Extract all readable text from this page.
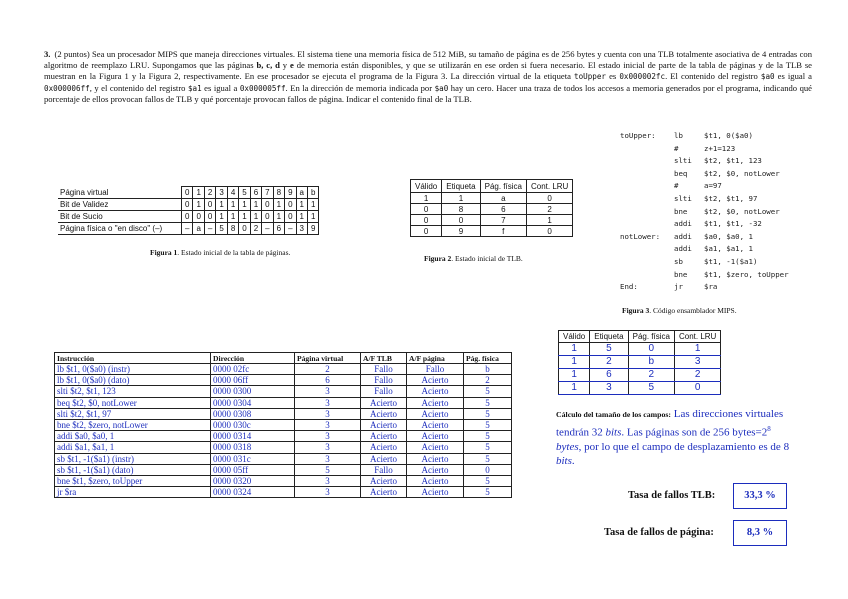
3. (2 puntos) Sea un procesador MIPS que maneja direcciones virtuales. El sistema tiene una memoria física de 512 MiB, su tamaño de página es de 256 bytes y cuenta con una TLB totalmente asociativa de 4 entradas con algoritmo de reemplazo LRU. Supongamos que las páginas b, c, d y e de memoria están disponibles, y que se utilizarán en ese orden si fuera necesario. El estado inicial de parte de la tabla de páginas y de la TLB se muestran en la Figura 1 y la Figura 2, respectivamente. En ese procesador se ejecuta el programa de la Figura 3. La dirección virtual de la etiqueta toUpper es 0x000002fc. El contenido del registro $a0 es igual a 0x000006ff, y el contenido del registro $a1 es igual a 0x000005ff. En la dirección de memoria indicada por $a0 hay un cero. Hacer una traza de todos los accesos a memoria generados por el programa, indicando qué porcentaje de ellos provocan fallos de TLB y qué porcentaje provocan fallos de página. Indicar el contenido final de la TLB.
Página virtual	0	1	2	3	4	5	6	7	8	9	a	b
Bit de Validez	0	1	0	1	1	1	1	0	1	0	1	1
Bit de Sucio	0	0	0	1	1	1	1	0	1	0	1	1
Página física o "en disco" (–)	–	a	–	5	8	0	2	–	6	–	3	9
Figura 1. Estado inicial de la tabla de páginas.
Válido	Etiqueta	Pág. física	Cont. LRU
1	1	a	0
0	8	6	2
0	0	7	1
0	9	f	0
Figura 2. Estado inicial de TLB.
toUpper: lb	$t1, 0($a0)
#	z+1=123
slti $t2, $t1, 123
beq $t2, $0, notLower
#	a=97
slti $t2, $t1, 97
bne $t2, $0, notLower
addi $t1, $t1, -32
notLower: addi $a0, $a0, 1
addi $a1, $a1, 1
sb	$t1, -1($a1)
bne $t1, $zero, toUpper
End:	jr	$ra
Figura 3. Código ensamblador MIPS.
Instrucción	Dirección	Página virtual	A/F TLB	A/F página	Pág. física
lb $t1, 0($a0) (instr)	0000 02fc	2	Fallo	Fallo	b
lb $t1, 0($a0) (dato)	0000 06ff	6	Fallo	Acierto	2
slti $t2, $t1, 123	0000 0300	3	Fallo	Acierto	5
beq $t2, $0, notLower	0000 0304	3	Acierto	Acierto	5
slti $t2, $t1, 97	0000 0308	3	Acierto	Acierto	5
bne $t2, $zero, notLower	0000 030c	3	Acierto	Acierto	5
addi $a0, $a0, 1	0000 0314	3	Acierto	Acierto	5
addi $a1, $a1, 1	0000 0318	3	Acierto	Acierto	5
sb $t1, -1($a1) (instr)	0000 031c	3	Acierto	Acierto	5
sb $t1, -1($a1) (dato)	0000 05ff	5	Fallo	Acierto	0
bne $t1, $zero, toUpper	0000 0320	3	Acierto	Acierto	5
jr $ra	0000 0324	3	Acierto	Acierto	5
Válido	Etiqueta	Pág. física	Cont. LRU
1	5	0	1
1	2	b	3
1	6	2	2
1	3	5	0
Cálculo del tamaño de los campos: Las direcciones virtuales tendrán 32 bits. Las páginas son de 256 $bytes=2^8$ bytes, por lo que el campo de desplazamiento es de 8 bits.
Tasa de fallos TLB:	33,3 %
Tasa de fallos de página:	8,3 %
